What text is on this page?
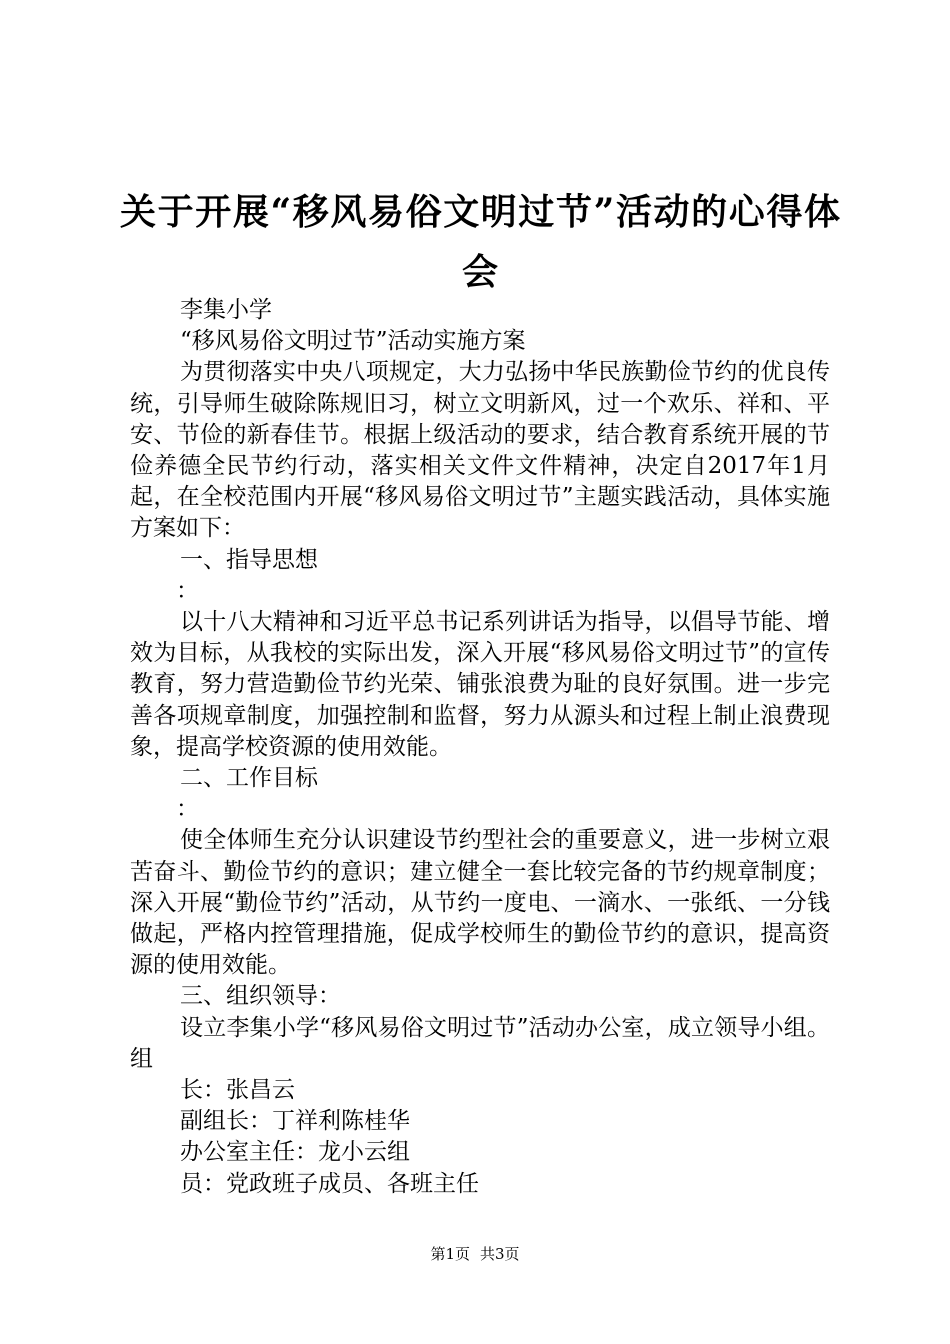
关于开展“移风易俗文明过节”活动的心得体会

李集小学

“移风易俗文明过节”活动实施方案

为贯彻落实中央八项规定，大力弘扬中华民族勤俭节约的优良传统，引导师生破除陈规旧习，树立文明新风，过一个欢乐、祥和、平安、节俭的新春佳节。根据上级活动的要求，结合教育系统开展的节俭养德全民节约行动，落实相关文件文件精神，决定自2017年1月起，在全校范围内开展“移风易俗文明过节”主题实践活动，具体实施方案如下：

一、指导思想

：

以十八大精神和习近平总书记系列讲话为指导，以倡导节能、增效为目标，从我校的实际出发，深入开展“移风易俗文明过节”的宣传教育，努力营造勤俭节约光荣、铺张浪费为耻的良好氛围。进一步完善各项规章制度，加强控制和监督，努力从源头和过程上制止浪费现象，提高学校资源的使用效能。

二、工作目标

：

使全体师生充分认识建设节约型社会的重要意义，进一步树立艰苦奋斗、勤俭节约的意识；建立健全一套比较完备的节约规章制度；深入开展“勤俭节约”活动，从节约一度电、一滴水、一张纸、一分钱做起，严格内控管理措施，促成学校师生的勤俭节约的意识，提高资源的使用效能。

三、组织领导：

设立李集小学“移风易俗文明过节”活动办公室，成立领导小组。组

长：张昌云

副组长：丁祥利陈桂华

办公室主任：龙小云组

员：党政班子成员、各班主任

第1页 共3页
